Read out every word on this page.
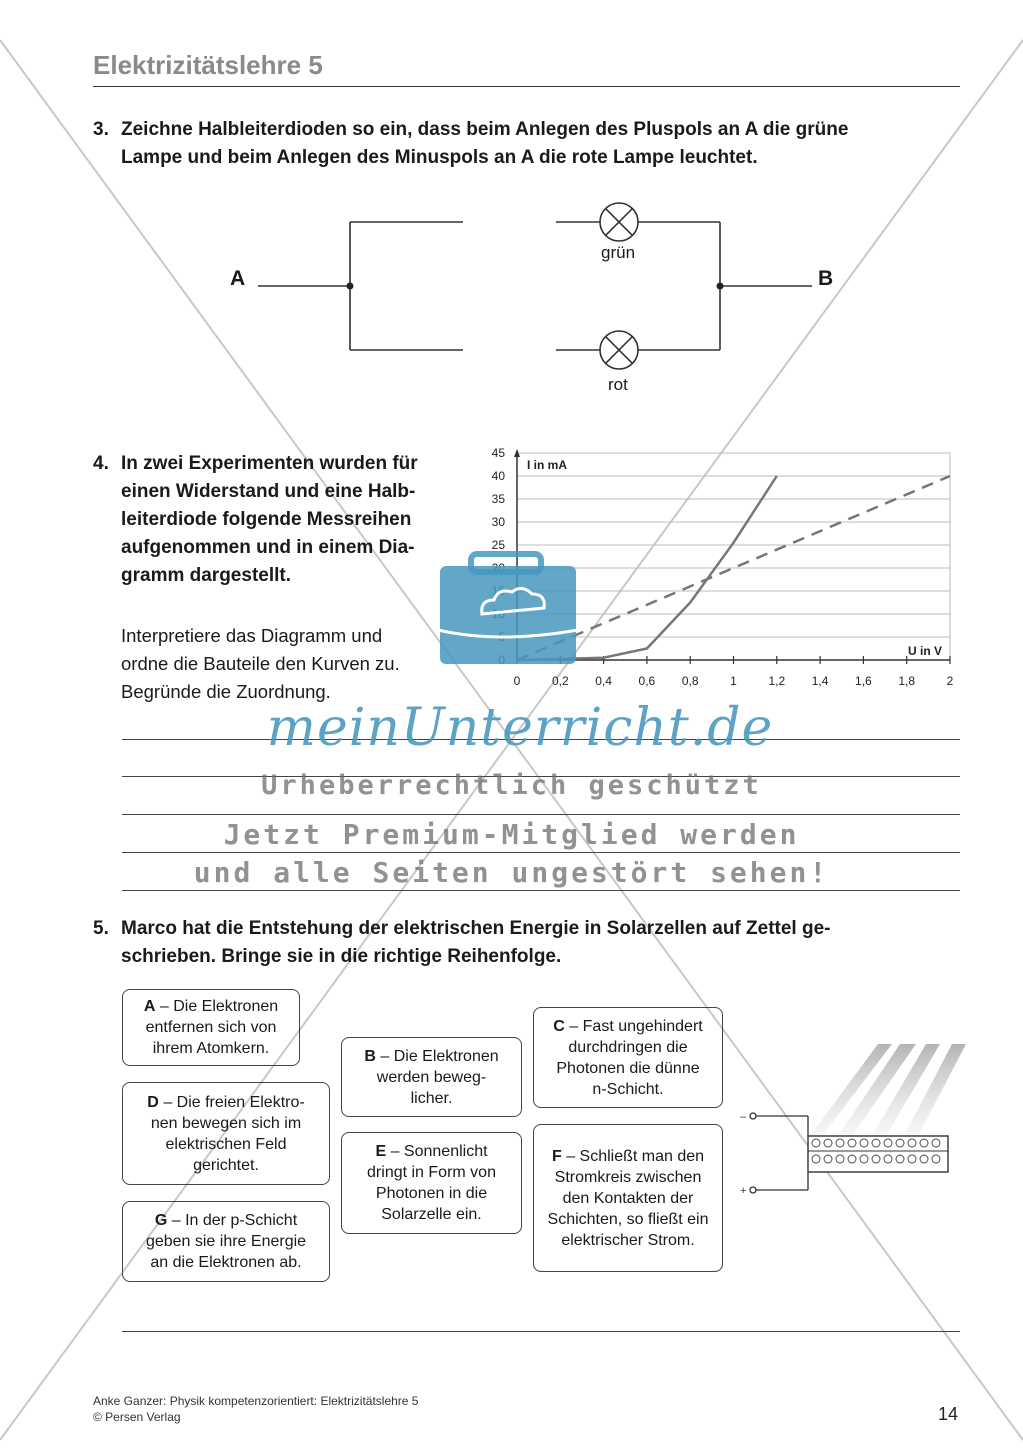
Elektrizitätslehre 5
3. Zeichne Halbleiterdioden so ein, dass beim Anlegen des Pluspols an A die grüne
Lampe und beim Anlegen des Minuspols an A die rote Lampe leuchtet.
A	B
grün
rot
4. In zwei Experimenten wurden für
einen Widerstand und eine Halb-
leiterdiode folgende Messreihen
aufgenommen und in einem Dia-
gramm dargestellt.
Interpretiere das Diagramm und
ordne die Bauteile den Kurven zu.
Begründe die Zuordnung.
25
30
35
40
45
0	0,2 0,4 0,6 0,8	1	1,2 1,4 1,6 1,8	2
I in mA
U in V
5. Marco hat die Entstehung der elektrischen Energie in Solarzellen auf Zettel ge-
schrieben. Bringe sie in die richtige Reihenfolge.
A – Die Elektronen entfernen sich von ihrem Atomkern.
D – Die freien Elektro- nen bewegen sich im elektrischen Feld gerichtet.
G – In der p-Schicht geben sie ihre Energie an die Elektronen ab.
B – Die Elektronen werden beweg- licher.
E – Sonnenlicht dringt in Form von Photonen in die Solarzelle ein.
C – Fast ungehindert durchdringen die Photonen die dünne n-Schicht.
F – Schließt man den Stromkreis zwischen den Kontakten der Schichten, so fließt ein elektrischer Strom.
–
+
meinUnterricht.de
Urheberrechtlich geschützt
Jetzt Premium-Mitglied werden
und alle Seiten ungestört sehen!
Anke Ganzer: Physik kompetenzorientiert: Elektrizitätslehre 5
© Persen Verlag	14
